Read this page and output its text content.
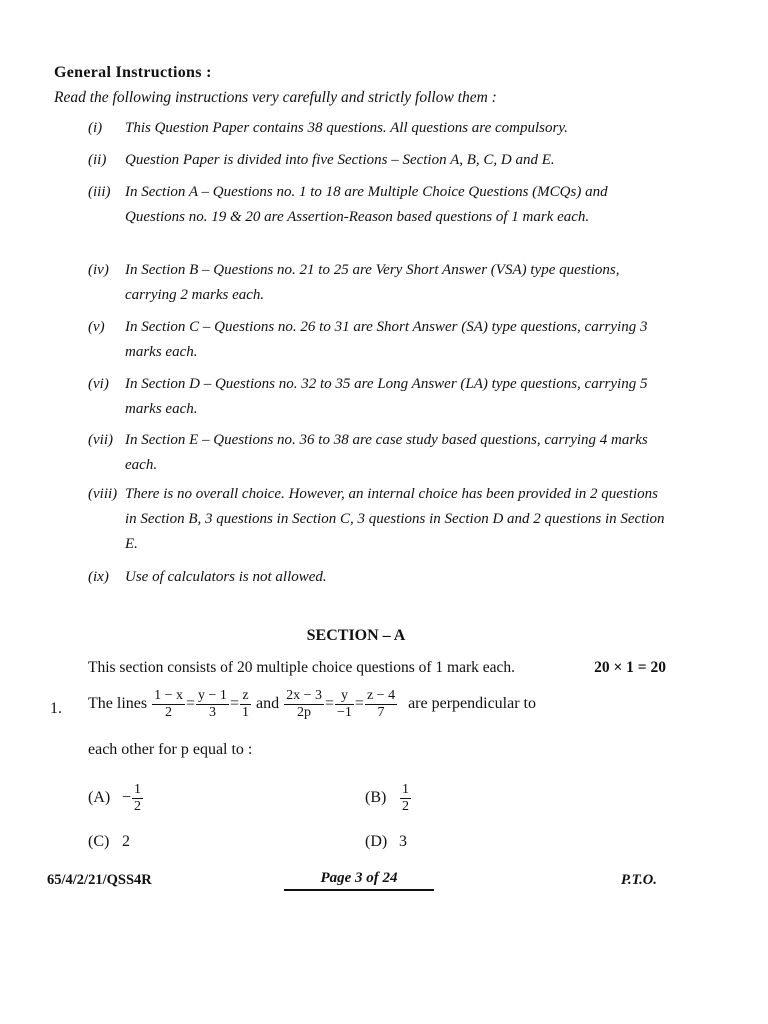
General Instructions :
Read the following instructions very carefully and strictly follow them :
(i) This Question Paper contains 38 questions. All questions are compulsory.
(ii) Question Paper is divided into five Sections – Section A, B, C, D and E.
(iii) In Section A – Questions no. 1 to 18 are Multiple Choice Questions (MCQs) and Questions no. 19 & 20 are Assertion-Reason based questions of 1 mark each.
(iv) In Section B – Questions no. 21 to 25 are Very Short Answer (VSA) type questions, carrying 2 marks each.
(v) In Section C – Questions no. 26 to 31 are Short Answer (SA) type questions, carrying 3 marks each.
(vi) In Section D – Questions no. 32 to 35 are Long Answer (LA) type questions, carrying 5 marks each.
(vii) In Section E – Questions no. 36 to 38 are case study based questions, carrying 4 marks each.
(viii) There is no overall choice. However, an internal choice has been provided in 2 questions in Section B, 3 questions in Section C, 3 questions in Section D and 2 questions in Section E.
(ix) Use of calculators is not allowed.
SECTION – A
This section consists of 20 multiple choice questions of 1 mark each.	20 × 1 = 20
1. The lines $\frac{1 - x}{2} = \frac{y - 1}{3} = \frac{z}{1}$ and $\frac{2x - 3}{2p} = \frac{y}{-1} = \frac{z - 4}{7}$ are perpendicular to
each other for p equal to :
$(A) - \frac{1}{2}$	$(B) \frac{1}{2}$
(C) 2	(D) 3
65/4/2/21/QSS4R	Page 3 of 24	P.T.O.
